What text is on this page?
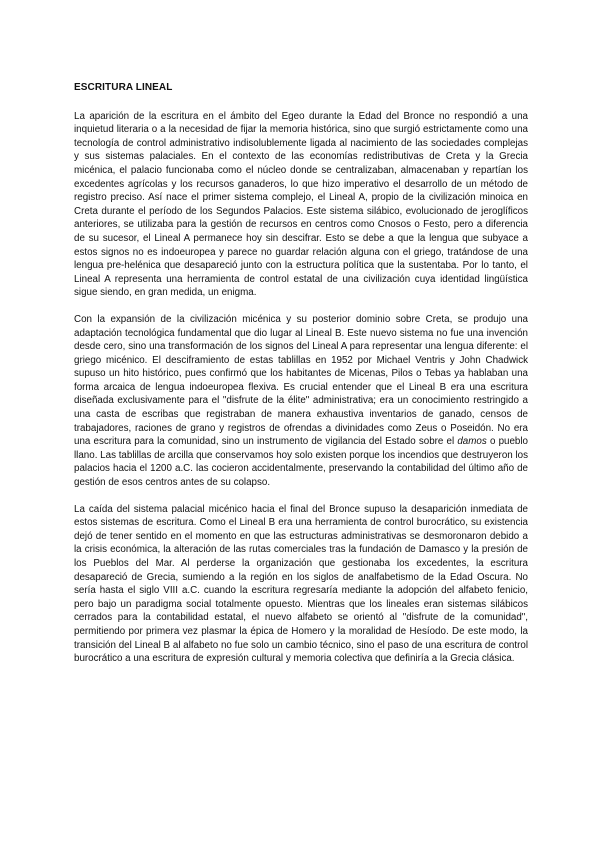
ESCRITURA LINEAL

La aparición de la escritura en el ámbito del Egeo durante la Edad del Bronce no respondió a una inquietud literaria o a la necesidad de fijar la memoria histórica, sino que surgió estrictamente como una tecnología de control administrativo indisolublemente ligada al nacimiento de las sociedades complejas y sus sistemas palaciales. En el contexto de las economías redistributivas de Creta y la Grecia micénica, el palacio funcionaba como el núcleo donde se centralizaban, almacenaban y repartían los excedentes agrícolas y los recursos ganaderos, lo que hizo imperativo el desarrollo de un método de registro preciso. Así nace el primer sistema complejo, el Lineal A, propio de la civilización minoica en Creta durante el período de los Segundos Palacios. Este sistema silábico, evolucionado de jeroglíficos anteriores, se utilizaba para la gestión de recursos en centros como Cnosos o Festo, pero a diferencia de su sucesor, el Lineal A permanece hoy sin descifrar. Esto se debe a que la lengua que subyace a estos signos no es indoeuropea y parece no guardar relación alguna con el griego, tratándose de una lengua pre-helénica que desapareció junto con la estructura política que la sustentaba. Por lo tanto, el Lineal A representa una herramienta de control estatal de una civilización cuya identidad lingüística sigue siendo, en gran medida, un enigma.

Con la expansión de la civilización micénica y su posterior dominio sobre Creta, se produjo una adaptación tecnológica fundamental que dio lugar al Lineal B. Este nuevo sistema no fue una invención desde cero, sino una transformación de los signos del Lineal A para representar una lengua diferente: el griego micénico. El desciframiento de estas tablillas en 1952 por Michael Ventris y John Chadwick supuso un hito histórico, pues confirmó que los habitantes de Micenas, Pilos o Tebas ya hablaban una forma arcaica de lengua indoeuropea flexiva. Es crucial entender que el Lineal B era una escritura diseñada exclusivamente para el "disfrute de la élite" administrativa; era un conocimiento restringido a una casta de escribas que registraban de manera exhaustiva inventarios de ganado, censos de trabajadores, raciones de grano y registros de ofrendas a divinidades como Zeus o Poseidón. No era una escritura para la comunidad, sino un instrumento de vigilancia del Estado sobre el damos o pueblo llano. Las tablillas de arcilla que conservamos hoy solo existen porque los incendios que destruyeron los palacios hacia el 1200 a.C. las cocieron accidentalmente, preservando la contabilidad del último año de gestión de esos centros antes de su colapso.

La caída del sistema palacial micénico hacia el final del Bronce supuso la desaparición inmediata de estos sistemas de escritura. Como el Lineal B era una herramienta de control burocrático, su existencia dejó de tener sentido en el momento en que las estructuras administrativas se desmoronaron debido a la crisis económica, la alteración de las rutas comerciales tras la fundación de Damasco y la presión de los Pueblos del Mar. Al perderse la organización que gestionaba los excedentes, la escritura desapareció de Grecia, sumiendo a la región en los siglos de analfabetismo de la Edad Oscura. No sería hasta el siglo VIII a.C. cuando la escritura regresaría mediante la adopción del alfabeto fenicio, pero bajo un paradigma social totalmente opuesto. Mientras que los lineales eran sistemas silábicos cerrados para la contabilidad estatal, el nuevo alfabeto se orientó al "disfrute de la comunidad", permitiendo por primera vez plasmar la épica de Homero y la moralidad de Hesíodo. De este modo, la transición del Lineal B al alfabeto no fue solo un cambio técnico, sino el paso de una escritura de control burocrático a una escritura de expresión cultural y memoria colectiva que definiría a la Grecia clásica.
